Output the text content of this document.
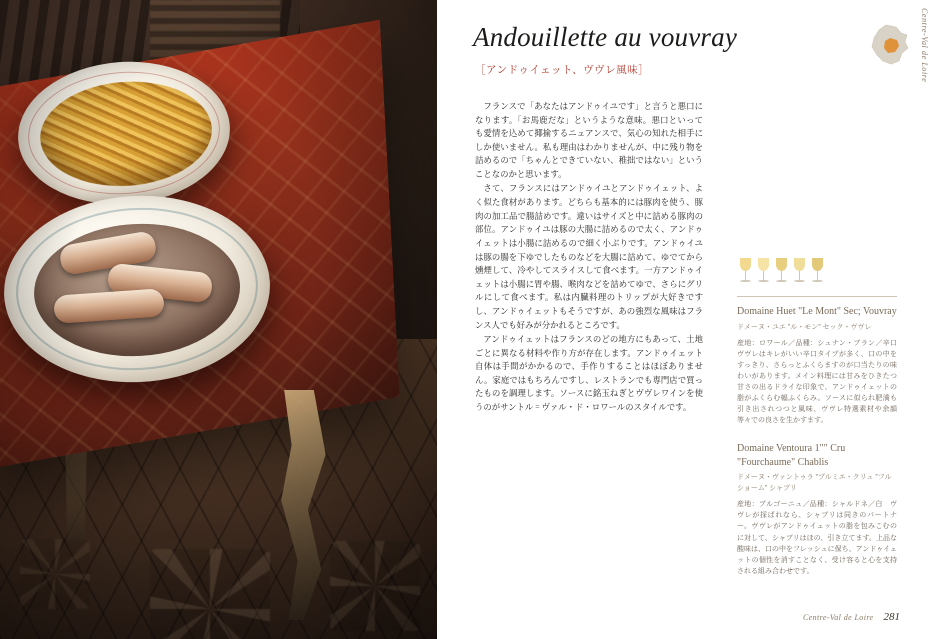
Centre-Val de Loire
Andouillette au vouvray
［アンドゥイェット、ヴヴレ風味］

フランスで「あなたはアンドゥイユです」と言うと悪口になります。「お馬鹿だな」というような意味。悪口といっても愛情を込めて揶揄するニュアンスで、気心の知れた相手にしか使いません。私も理由はわかりませんが、中に残り物を詰めるので「ちゃんとできていない、稚拙ではない」ということなのかと思います。

さて、フランスにはアンドゥイユとアンドゥイェット、よく似た食材があります。どちらも基本的には豚肉を使う、豚肉の加工品で腸詰めです。違いはサイズと中に詰める豚肉の部位。アンドゥイユは豚の大腸に詰めるので太く、アンドゥイェットは小腸に詰めるので細く小ぶりです。アンドゥイユは豚の腸を下ゆでしたものなどを大腸に詰めて、ゆでてから燻煙して、冷やしてスライスして食べます。一方アンドゥイェットは小腸に胃や腸、喉肉などを詰めてゆで、さらにグリルにして食べます。私は内臓料理のトリップが大好きですし、アンドゥイェットもそうですが、あの強烈な風味はフランス人でも好みが分かれるところです。

アンドゥイェットはフランスのどの地方にもあって、土地ごとに異なる材料や作り方が存在します。アンドゥイェット自体は手間がかかるので、手作りすることはほぼありません。家庭ではもちろんですし、レストランでも専門店で買ったものを調理します。ソースに銘玉ねぎとヴヴレワインを使うのがサントル゠ヴァル・ド・ロワールのスタイルです。

Domaine Huet "Le Mont" Sec; Vouvray
ドメーヌ・ユエ ”ル・モン” セック・ヴヴレ
産地：ロワール／品種：シュナン・ブラン／辛口　ヴヴレはキレがいい辛口タイプが多く、口の中をすっきり、さらっとふくらますのが口当たりの味わいがあります。メイン料理には甘みをひきたつ甘さの出るドライな印象で、アンドゥイェットの脂がふくらむ幅ふくらみ。ソースに似られ肥満も引き出されつつと風味、ヴヴレ特選素材や余韻等々での良さを生かすます。
Domaine Ventoura 1"" Cru "Fourchaume" Chablis
ドメーヌ・ヴァントゥラ ”プルミエ・クリュ ”フルショーム” シャブリ
産地：ブルゴーニュ／品種：シャルドネ／白　ヴヴレが採ばれなら、シャブリは同きのパートナー。ヴヴレがアンドゥイェットの脂を包みこむのに対して、シャブリはほの、引き立てます。上品な酸味は、口の中をフレッシュに保ち、アンドゥイェットの個性を消すことなく、受け容ると心を支持される組み合わせです。
Centre-Val de Loire 281
